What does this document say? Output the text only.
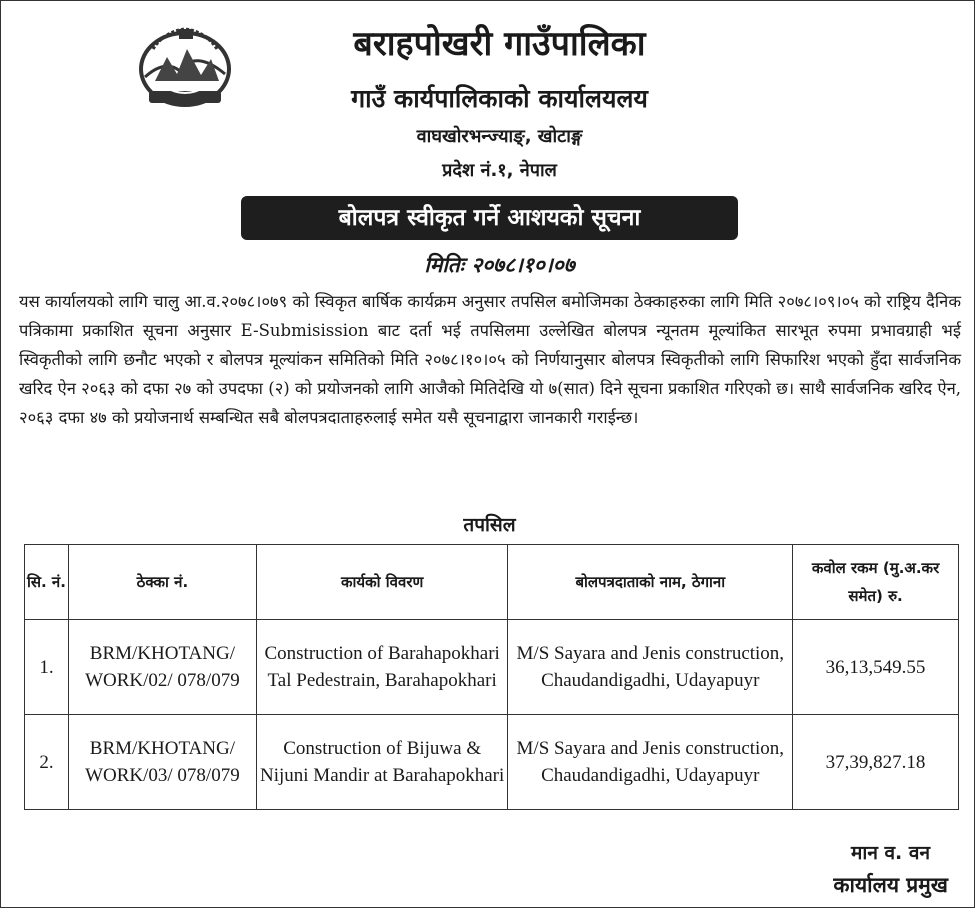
बराहपोखरी गाउँपालिका
गाउँ कार्यपालिकाको कार्यालयलय
वाघखोरभन्ज्याङ्, खोटाङ्ग
प्रदेश नं.१, नेपाल
बोलपत्र स्वीकृत गर्ने आशयको सूचना
मितिः २०७८।१०।०७
यस कार्यालयको लागि चालु आ.व.२०७८।०७९ को स्विकृत बार्षिक कार्यक्रम अनुसार तपसिल बमोजिमका ठेक्काहरुका लागि मिति २०७८।०९।०५ को राष्ट्रिय दैनिक पत्रिकामा प्रकाशित सूचना अनुसार E-Submisission बाट दर्ता भई तपसिलमा उल्लेखित बोलपत्र न्यूनतम मूल्यांकित सारभूत रुपमा प्रभावग्राही भई स्विकृतीको लागि छनौट भएको र बोलपत्र मूल्यांकन समितिको मिति २०७८।१०।०५ को निर्णयानुसार बोलपत्र स्विकृतीको लागि सिफारिश भएको हुँदा सार्वजनिक खरिद ऐन २०६३ को दफा २७ को उपदफा (२) को प्रयोजनको लागि आजैको मितिदेखि यो ७(सात) दिने सूचना प्रकाशित गरिएको छ। साथै सार्वजनिक खरिद ऐन, २०६३ दफा ४७ को प्रयोजनार्थ सम्बन्धित सबै बोलपत्रदाताहरुलाई समेत यसै सूचनाद्वारा जानकारी गराईन्छ।
तपसिल
सि. नं.	ठेक्का नं.	कार्यको विवरण	बोलपत्रदाताको नाम, ठेगाना	कवोल रकम (मु.अ.कर समेत) रु.
1.	BRM/KHOTANG/ WORK/02/ 078/079	Construction of Barahapokhari Tal Pedestrain, Barahapokhari	M/S Sayara and Jenis construction, Chaudandigadhi, Udayapuyr	36,13,549.55
2.	BRM/KHOTANG/ WORK/03/ 078/079	Construction of Bijuwa & Nijuni Mandir at Barahapokhari	M/S Sayara and Jenis construction, Chaudandigadhi, Udayapuyr	37,39,827.18
मान व. वन
कार्यालय प्रमुख
